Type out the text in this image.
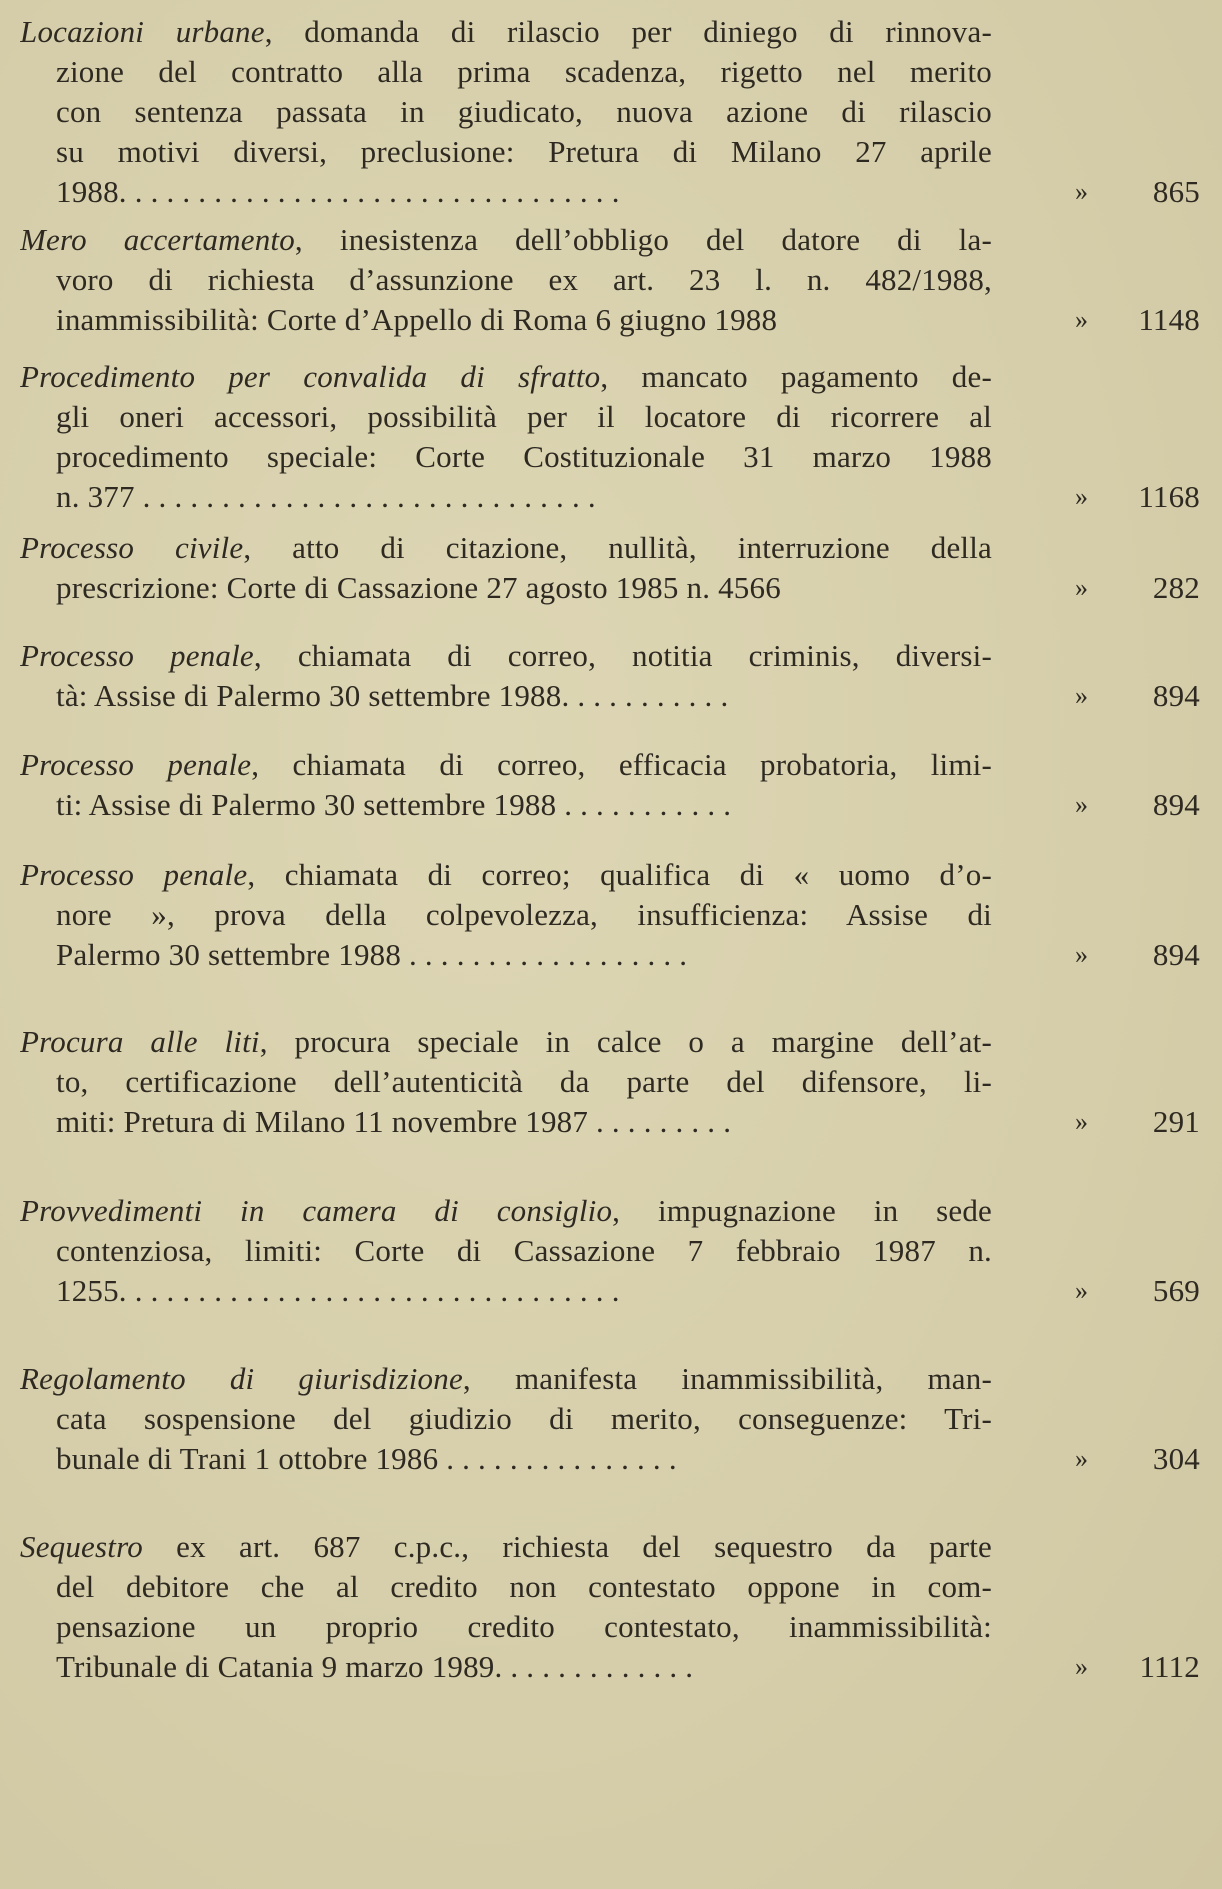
Locazioni urbane, domanda di rilascio per diniego di rinnova-
zione del contratto alla prima scadenza, rigetto nel merito
con sentenza passata in giudicato, nuova azione di rilascio
su motivi diversi, preclusione: Pretura di Milano 27 aprile
1988. . . . . . . . . . . . . . . . . . . . . . . . . . . . . . . .	»	865
Mero accertamento, inesistenza dell’obbligo del datore di la-
voro di richiesta d’assunzione ex art. 23 l. n. 482/1988,
inammissibilità: Corte d’Appello di Roma 6 giugno 1988	»	1148
Procedimento per convalida di sfratto, mancato pagamento de-
gli oneri accessori, possibilità per il locatore di ricorrere al
procedimento speciale: Corte Costituzionale 31 marzo 1988
n. 377 . . . . . . . . . . . . . . . . . . . . . . . . . . . . .	»	1168
Processo civile, atto di citazione, nullità, interruzione della
prescrizione: Corte di Cassazione 27 agosto 1985 n. 4566	»	282
Processo penale, chiamata di correo, notitia criminis, diversi-
tà: Assise di Palermo 30 settembre 1988. . . . . . . . . . .	»	894
Processo penale, chiamata di correo, efficacia probatoria, limi-
ti: Assise di Palermo 30 settembre 1988 . . . . . . . . . . .	»	894
Processo penale, chiamata di correo; qualifica di « uomo d’o-
nore », prova della colpevolezza, insufficienza: Assise di
Palermo 30 settembre 1988 . . . . . . . . . . . . . . . . . .	»	894
Procura alle liti, procura speciale in calce o a margine dell’at-
to, certificazione dell’autenticità da parte del difensore, li-
miti: Pretura di Milano 11 novembre 1987 . . . . . . . . .	»	291
Provvedimenti in camera di consiglio, impugnazione in sede
contenziosa, limiti: Corte di Cassazione 7 febbraio 1987 n.
1255. . . . . . . . . . . . . . . . . . . . . . . . . . . . . . . .	»	569
Regolamento di giurisdizione, manifesta inammissibilità, man-
cata sospensione del giudizio di merito, conseguenze: Tri-
bunale di Trani 1 ottobre 1986 . . . . . . . . . . . . . . .	»	304
Sequestro ex art. 687 c.p.c., richiesta del sequestro da parte
del debitore che al credito non contestato oppone in com-
pensazione un proprio credito contestato, inammissibilità:
Tribunale di Catania 9 marzo 1989. . . . . . . . . . . . .	»	1112
